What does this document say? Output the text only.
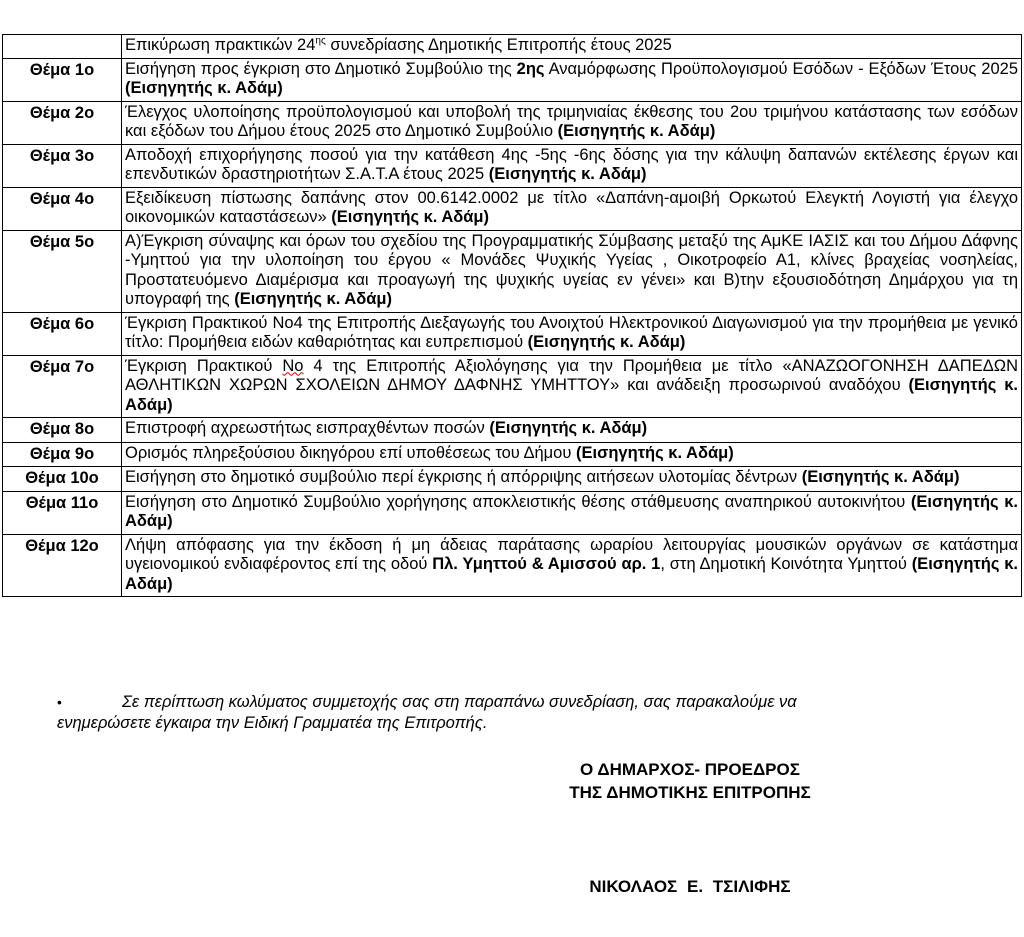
	Επικύρωση πρακτικών $24^{\eta\varsigma}$ συνεδρίασης Δημοτικής Επιτροπής έτους 2025
Θέμα 1ο	Εισήγηση προς έγκριση στο Δημοτικό Συμβούλιο της 2ης Αναμόρφωσης Προϋπολογισμού Εσόδων - Εξόδων Έτους 2025 (Εισηγητής κ. Αδάμ)
Θέμα 2ο	Έλεγχος υλοποίησης προϋπολογισμού και υποβολή της τριμηνιαίας έκθεσης του 2ου τριμήνου κατάστασης των εσόδων και εξόδων του Δήμου έτους 2025 στο Δημοτικό Συμβούλιο (Εισηγητής κ. Αδάμ)
Θέμα 3ο	Αποδοχή επιχορήγησης ποσού για την κατάθεση 4ης -5ης -6ης δόσης για την κάλυψη δαπανών εκτέλεσης έργων και επενδυτικών δραστηριοτήτων Σ.Α.Τ.Α έτους 2025 (Εισηγητής κ. Αδάμ)
Θέμα 4ο	Εξειδίκευση πίστωσης δαπάνης στον 00.6142.0002 με τίτλο «Δαπάνη-αμοιβή Ορκωτού Ελεγκτή Λογιστή για έλεγχο οικονομικών καταστάσεων» (Εισηγητής κ. Αδάμ)
Θέμα 5ο	Α)Έγκριση σύναψης και όρων του σχεδίου της Προγραμματικής Σύμβασης μεταξύ της ΑμΚΕ ΙΑΣΙΣ και του Δήμου Δάφνης -Υμηττού για την υλοποίηση του έργου « Μονάδες Ψυχικής Υγείας , Οικοτροφείο Α1, κλίνες βραχείας νοσηλείας, Προστατευόμενο Διαμέρισμα και προαγωγή της ψυχικής υγείας εν γένει» και Β)την εξουσιοδότηση Δημάρχου για τη υπογραφή της (Εισηγητής κ. Αδάμ)
Θέμα 6ο	Έγκριση Πρακτικού Νο4 της Επιτροπής Διεξαγωγής του Ανοιχτού Ηλεκτρονικού Διαγωνισμού για την προμήθεια με γενικό τίτλο: Προμήθεια ειδών καθαριότητας και ευπρεπισμού (Εισηγητής κ. Αδάμ)
Θέμα 7ο	Έγκριση Πρακτικού Νο 4 της Επιτροπής Αξιολόγησης για την Προμήθεια με τίτλο «ΑΝΑΖΩΟΓΟΝΗΣΗ ΔΑΠΕΔΩΝ ΑΘΛΗΤΙΚΩΝ ΧΩΡΩΝ ΣΧΟΛΕΙΩΝ ΔΗΜΟΥ ΔΑΦΝΗΣ ΥΜΗΤΤΟΥ» και ανάδειξη προσωρινού αναδόχου (Εισηγητής κ. Αδάμ)
Θέμα 8ο	Επιστροφή αχρεωστήτως εισπραχθέντων ποσών (Εισηγητής κ. Αδάμ)
Θέμα 9ο	Ορισμός πληρεξούσιου δικηγόρου επί υποθέσεως του Δήμου (Εισηγητής κ. Αδάμ)
Θέμα 10ο	Εισήγηση στο δημοτικό συμβούλιο περί έγκρισης ή απόρριψης αιτήσεων υλοτομίας δέντρων (Εισηγητής κ. Αδάμ)
Θέμα 11ο	Εισήγηση στο Δημοτικό Συμβούλιο χορήγησης αποκλειστικής θέσης στάθμευσης αναπηρικού αυτοκινήτου (Εισηγητής κ. Αδάμ)
Θέμα 12ο	Λήψη απόφασης για την έκδοση ή μη άδειας παράτασης ωραρίου λειτουργίας μουσικών οργάνων σε κατάστημα υγειονομικού ενδιαφέροντος επί της οδού Πλ. Υμηττού & Αμισσού αρ. 1, στη Δημοτική Κοινότητα Υμηττού (Εισηγητής κ. Αδάμ)
•	Σε περίπτωση κωλύματος συμμετοχής σας στη παραπάνω συνεδρίαση, σας παρακαλούμε να
ενημερώσετε έγκαιρα την Ειδική Γραμματέα της Επιτροπής.
Ο ΔΗΜΑΡΧΟΣ- ΠΡΟΕΔΡΟΣ
ΤΗΣ ΔΗΜΟΤΙΚΗΣ ΕΠΙΤΡΟΠΗΣ
ΝΙΚΟΛΑΟΣ Ε. ΤΣΙΛΙΦΗΣ
